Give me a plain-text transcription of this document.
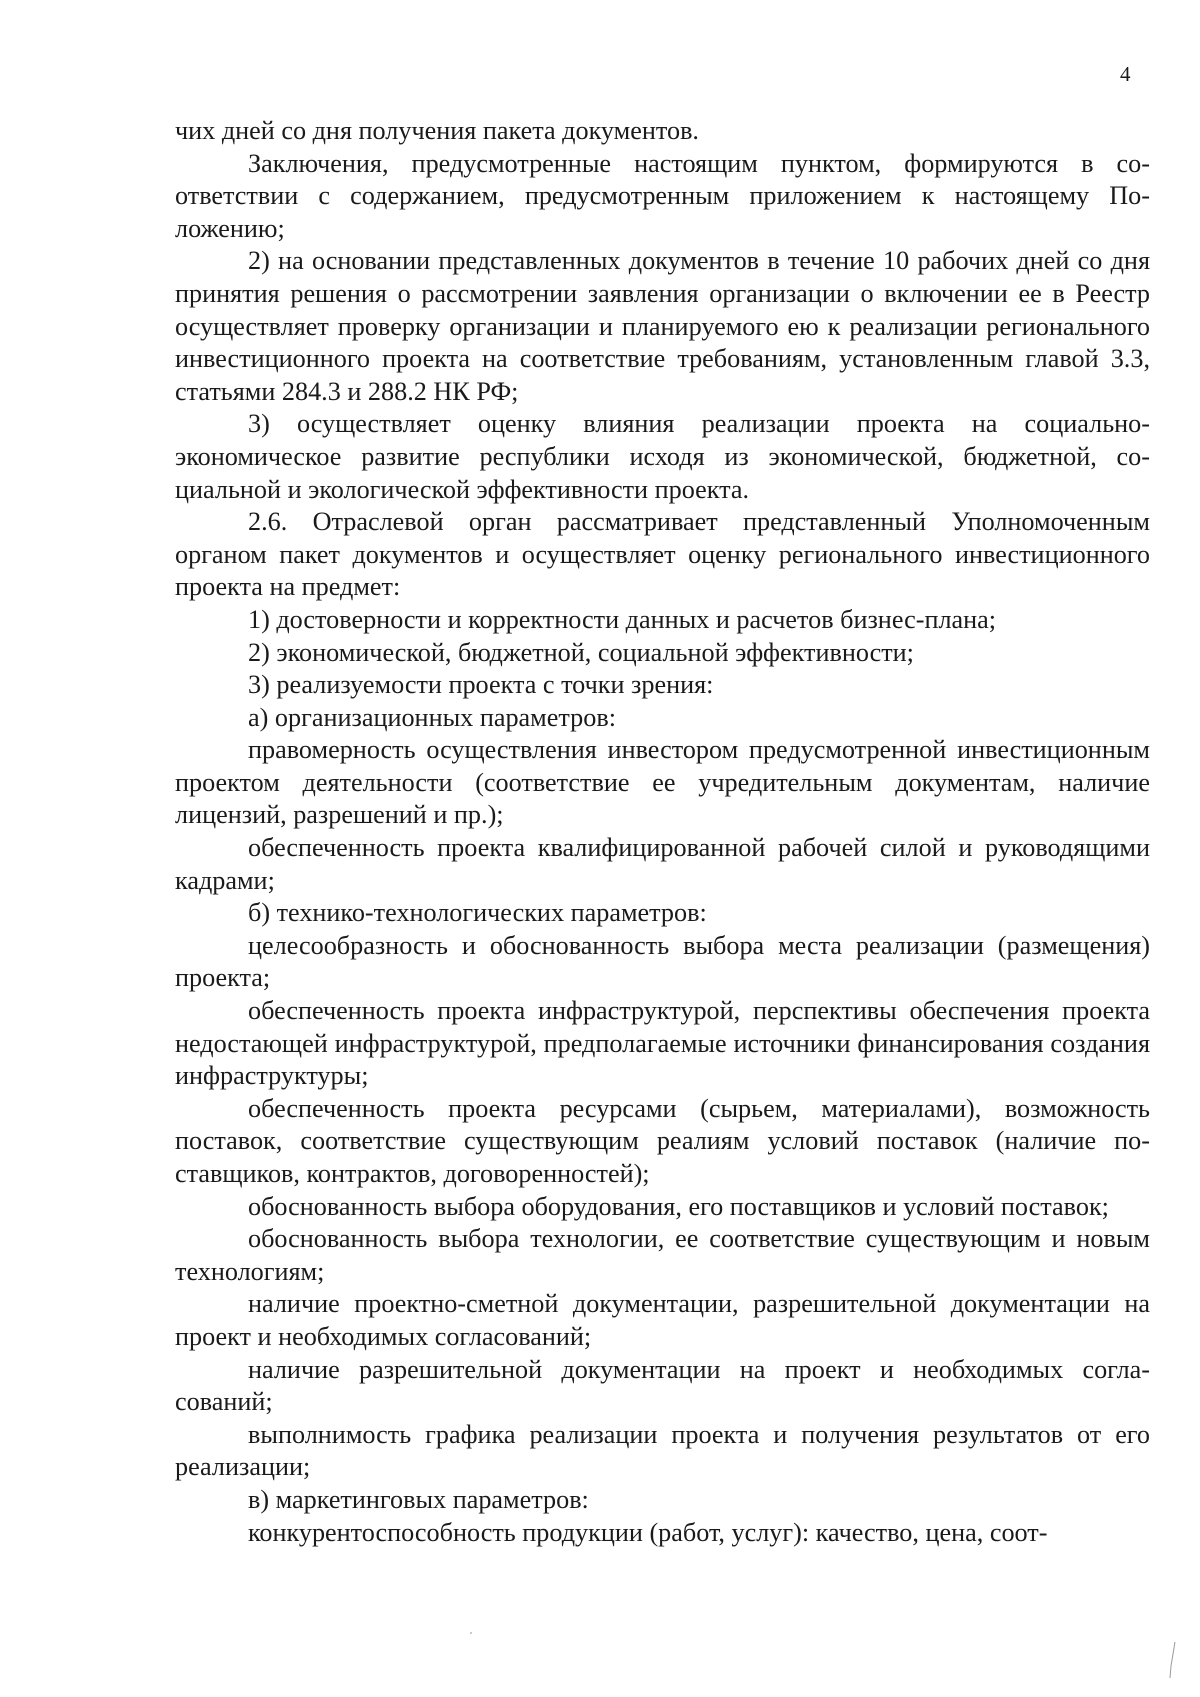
4

чих дней со дня получения пакета документов.

Заключения, предусмотренные настоящим пунктом, формируются в соответствии с содержанием, предусмотренным приложением к настоящему Положению;

2) на основании представленных документов в течение 10 рабочих дней со дня принятия решения о рассмотрении заявления организации о включении ее в Реестр осуществляет проверку организации и планируемого ею к реализации регионального инвестиционного проекта на соответствие требованиям, установленным главой 3.3, статьями 284.3 и 288.2 НК РФ;

3) осуществляет оценку влияния реализации проекта на социально-экономическое развитие республики исходя из экономической, бюджетной, социальной и экологической эффективности проекта.

2.6. Отраслевой орган рассматривает представленный Уполномоченным органом пакет документов и осуществляет оценку регионального инвестиционного проекта на предмет:

1) достоверности и корректности данных и расчетов бизнес-плана;

2) экономической, бюджетной, социальной эффективности;

3) реализуемости проекта с точки зрения:

а) организационных параметров:

правомерность осуществления инвестором предусмотренной инвестиционным проектом деятельности (соответствие ее учредительным документам, наличие лицензий, разрешений и пр.);

обеспеченность проекта квалифицированной рабочей силой и руководящими кадрами;

б) технико-технологических параметров:

целесообразность и обоснованность выбора места реализации (размещения) проекта;

обеспеченность проекта инфраструктурой, перспективы обеспечения проекта недостающей инфраструктурой, предполагаемые источники финансирования создания инфраструктуры;

обеспеченность проекта ресурсами (сырьем, материалами), возможность поставок, соответствие существующим реалиям условий поставок (наличие поставщиков, контрактов, договоренностей);

обоснованность выбора оборудования, его поставщиков и условий поставок;

обоснованность выбора технологии, ее соответствие существующим и новым технологиям;

наличие проектно-сметной документации, разрешительной документации на проект и необходимых согласований;

наличие разрешительной документации на проект и необходимых согласований;

выполнимость графика реализации проекта и получения результатов от его реализации;

в) маркетинговых параметров:

конкурентоспособность продукции (работ, услуг): качество, цена, соот-
